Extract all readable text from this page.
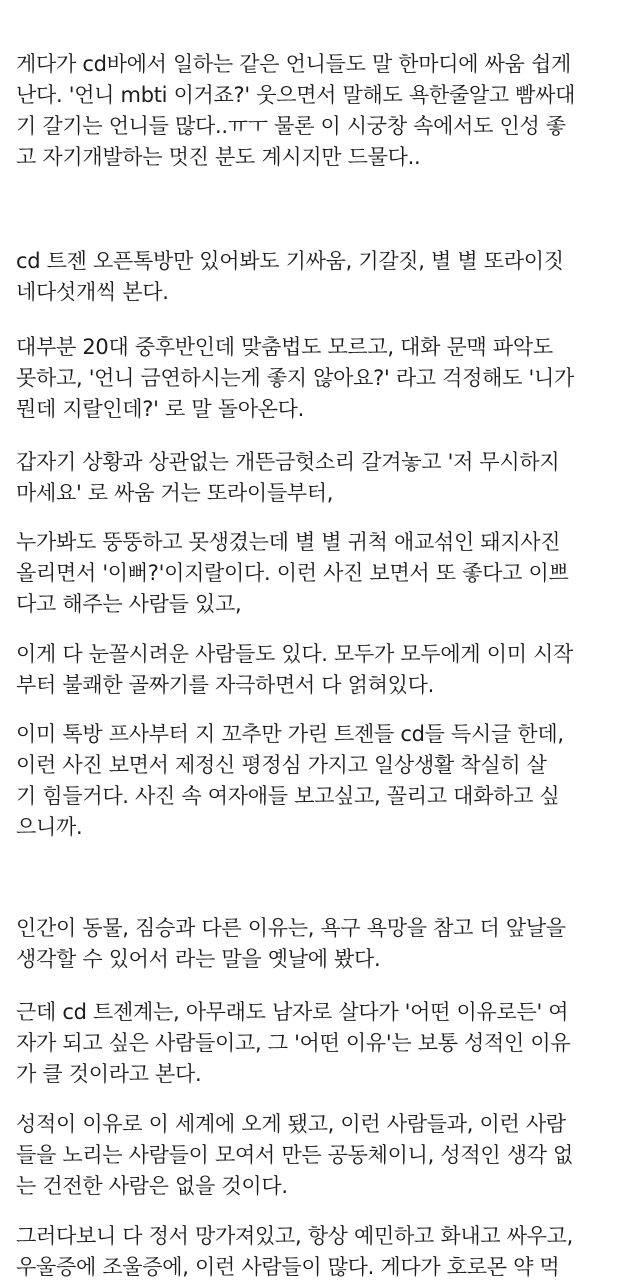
게다가 cd바에서 일하는 같은 언니들도 말 한마디에 싸움 쉽게
난다. '언니 mbti 이거죠?' 웃으면서 말해도 욕한줄알고 빰싸대
기 갈기는 언니들 많다..ㅠㅜ 물론 이 시궁창 속에서도 인성 좋
고 자기개발하는 멋진 분도 계시지만 드물다..
cd 트젠 오픈톡방만 있어봐도 기싸움, 기갈짓, 별 별 또라이짓
네다섯개씩 본다.
대부분 20대 중후반인데 맞춤법도 모르고, 대화 문맥 파악도
못하고, '언니 금연하시는게 좋지 않아요?' 라고 걱정해도 '니가
뭔데 지랄인데?' 로 말 돌아온다.
갑자기 상황과 상관없는 개뜬금헛소리 갈겨놓고 '저 무시하지
마세요' 로 싸움 거는 또라이들부터,
누가봐도 뚱뚱하고 못생겼는데 별 별 귀척 애교섞인 돼지사진
올리면서 '이뻐?'이지랄이다. 이런 사진 보면서 또 좋다고 이쁘
다고 해주는 사람들 있고,
이게 다 눈꼴시려운 사람들도 있다. 모두가 모두에게 이미 시작
부터 불쾌한 골짜기를 자극하면서 다 얽혀있다.
이미 톡방 프사부터 지 꼬추만 가린 트젠들 cd들 득시글 한데,
이런 사진 보면서 제정신 평정심 가지고 일상생활 착실히 살
기 힘들거다. 사진 속 여자애들 보고싶고, 꼴리고 대화하고 싶
으니까.
인간이 동물, 짐승과 다른 이유는, 욕구 욕망을 참고 더 앞날을
생각할 수 있어서 라는 말을 옛날에 봤다.
근데 cd 트젠계는, 아무래도 남자로 살다가 '어떤 이유로든' 여
자가 되고 싶은 사람들이고, 그 '어떤 이유'는 보통 성적인 이유
가 클 것이라고 본다.
성적이 이유로 이 세계에 오게 됐고, 이런 사람들과, 이런 사람
들을 노리는 사람들이 모여서 만든 공동체이니, 성적인 생각 없
는 건전한 사람은 없을 것이다.
그러다보니 다 정서 망가져있고, 항상 예민하고 화내고 싸우고,
우울증에 조울증에, 이런 사람들이 많다. 게다가 호로몬 약 먹
